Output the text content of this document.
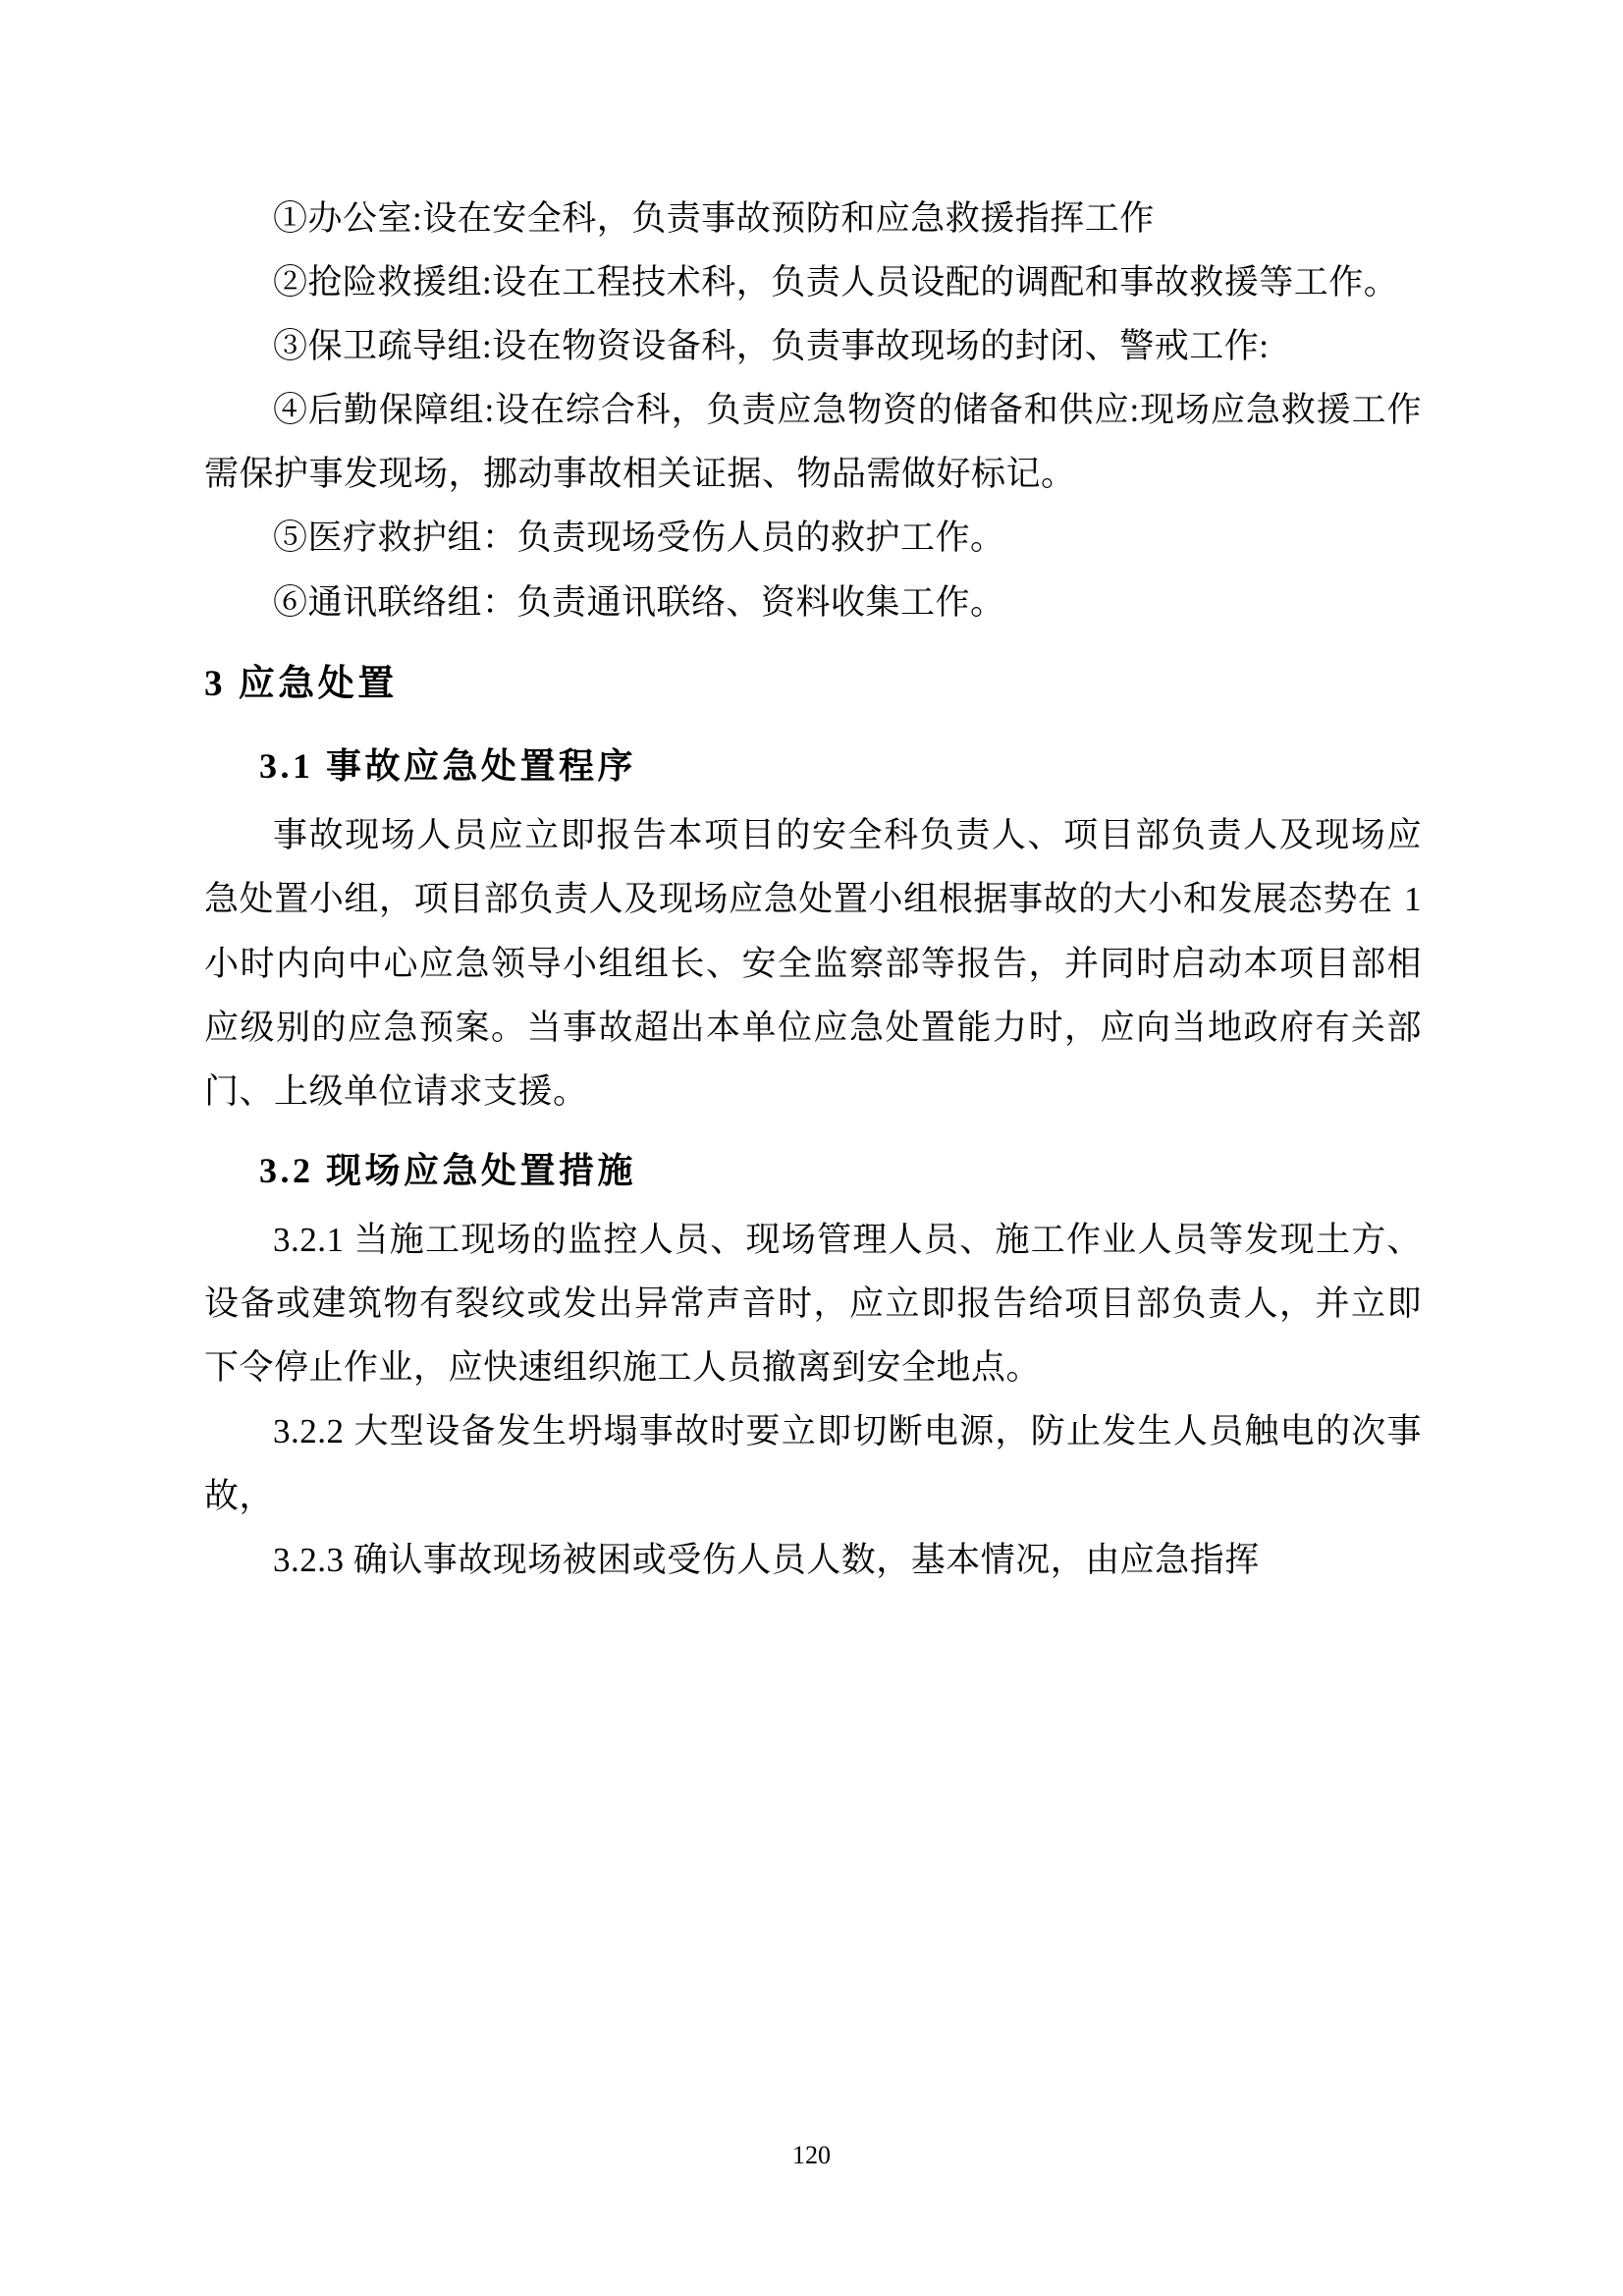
①办公室:设在安全科，负责事故预防和应急救援指挥工作

②抢险救援组:设在工程技术科，负责人员设配的调配和事故救援等工作。

③保卫疏导组:设在物资设备科，负责事故现场的封闭、警戒工作:

④后勤保障组:设在综合科，负责应急物资的储备和供应:现场应急救援工作需保护事发现场，挪动事故相关证据、物品需做好标记。

⑤医疗救护组：负责现场受伤人员的救护工作。

⑥通讯联络组：负责通讯联络、资料收集工作。

3 应急处置
3.1 事故应急处置程序

事故现场人员应立即报告本项目的安全科负责人、项目部负责人及现场应急处置小组，项目部负责人及现场应急处置小组根据事故的大小和发展态势在 1 小时内向中心应急领导小组组长、安全监察部等报告，并同时启动本项目部相应级别的应急预案。当事故超出本单位应急处置能力时，应向当地政府有关部门、上级单位请求支援。

3.2 现场应急处置措施

3.2.1 当施工现场的监控人员、现场管理人员、施工作业人员等发现土方、设备或建筑物有裂纹或发出异常声音时，应立即报告给项目部负责人，并立即下令停止作业，应快速组织施工人员撤离到安全地点。

3.2.2 大型设备发生坍塌事故时要立即切断电源，防止发生人员触电的次事故，

3.2.3 确认事故现场被困或受伤人员人数，基本情况，由应急指挥

120
